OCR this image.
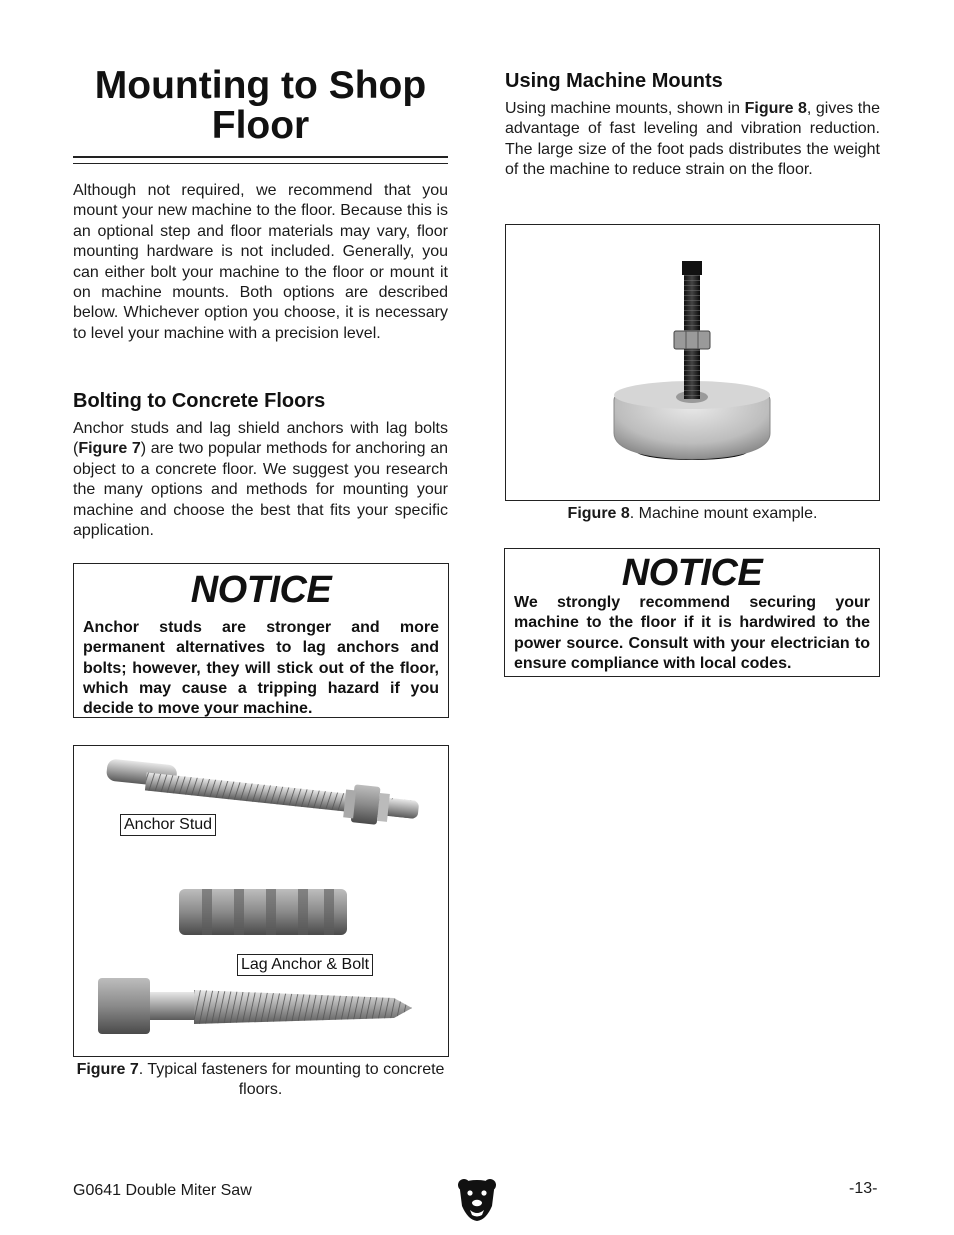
Mounting to Shop Floor

Although not required, we recommend that you mount your new machine to the floor. Because this is an optional step and floor materials may vary, floor mounting hardware is not included. Generally, you can either bolt your machine to the floor or mount it on machine mounts. Both options are described below. Whichever option you choose, it is necessary to level your machine with a precision level.

Bolting to Concrete Floors

Anchor studs and lag shield anchors with lag bolts (Figure 7) are two popular methods for anchoring an object to a concrete floor. We suggest you research the many options and methods for mounting your machine and choose the best that fits your specific application.

NOTICE
Anchor studs are stronger and more permanent alternatives to lag anchors and bolts; however, they will stick out of the floor, which may cause a tripping hazard if you decide to move your machine.
Anchor Stud
Lag Anchor & Bolt
Figure 7. Typical fasteners for mounting to concrete floors.
Using Machine Mounts

Using machine mounts, shown in Figure 8, gives the advantage of fast leveling and vibration reduction. The large size of the foot pads distributes the weight of the machine to reduce strain on the floor.

Figure 8. Machine mount example.
NOTICE
We strongly recommend securing your machine to the floor if it is hardwired to the power source. Consult with your electrician to ensure compliance with local codes.
G0641 Double Miter Saw	-13-
